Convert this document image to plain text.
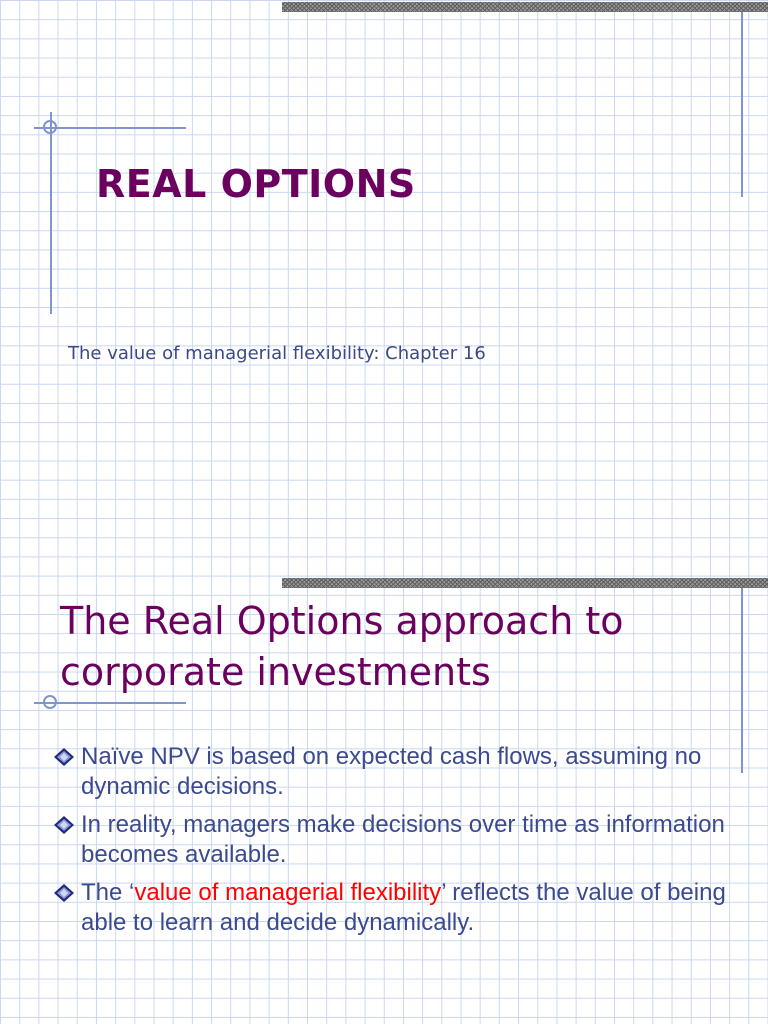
REAL OPTIONS

The value of managerial flexibility: Chapter 16

The Real Options approach to
corporate investments
Naïve NPV is based on expected cash flows, assuming no dynamic decisions.
In reality, managers make decisions over time as information becomes available.
The ‘value of managerial flexibility’ reflects the value of being able to learn and decide dynamically.
